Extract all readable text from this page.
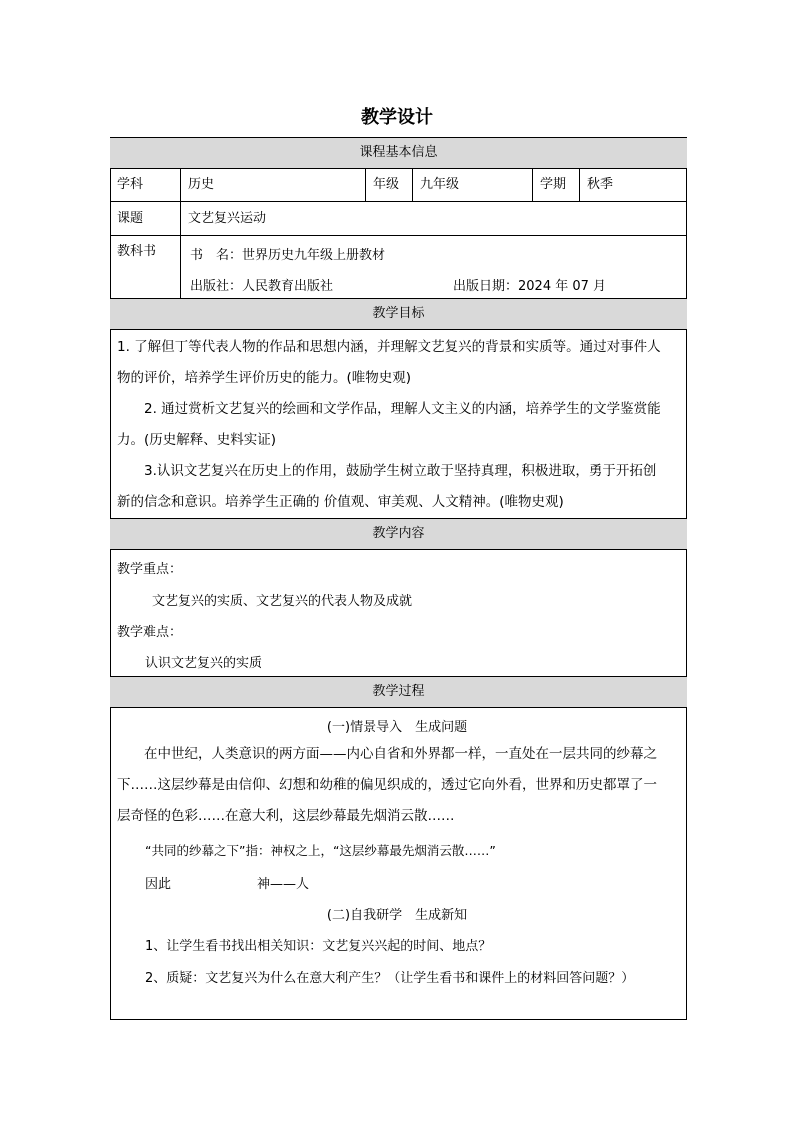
教学设计
课程基本信息
学科	历史	年级	九年级	学期	秋季
课题	文艺复兴运动
教科书	书　名：世界历史九年级上册教材
出版社：人民教育出版社	出版日期：2024 年 07 月
教学目标
1. 了解但丁等代表人物的作品和思想内涵，并理解文艺复兴的背景和实质等。通过对事件人
物的评价，培养学生评价历史的能力。(唯物史观)
2. 通过赏析文艺复兴的绘画和文学作品，理解人文主义的内涵，培养学生的文学鉴赏能
力。(历史解释、史料实证)
3.认识文艺复兴在历史上的作用，鼓励学生树立敢于坚持真理，积极进取，勇于开拓创
新的信念和意识。培养学生正确的 价值观、审美观、人文精神。(唯物史观)
教学内容
教学重点：
文艺复兴的实质、文艺复兴的代表人物及成就
教学难点：
认识文艺复兴的实质
教学过程
(一)情景导入　生成问题
在中世纪，人类意识的两方面——内心自省和外界都一样，一直处在一层共同的纱幕之
下……这层纱幕是由信仰、幻想和幼稚的偏见织成的，透过它向外看，世界和历史都罩了一
层奇怪的色彩……在意大利，这层纱幕最先烟消云散……
“共同的纱幕之下”指：神权之上，“这层纱幕最先烟消云散……”
因此	神——人
(二)自我研学　生成新知
1、让学生看书找出相关知识：文艺复兴兴起的时间、地点？
2、质疑：文艺复兴为什么在意大利产生？（让学生看书和课件上的材料回答问题？）
